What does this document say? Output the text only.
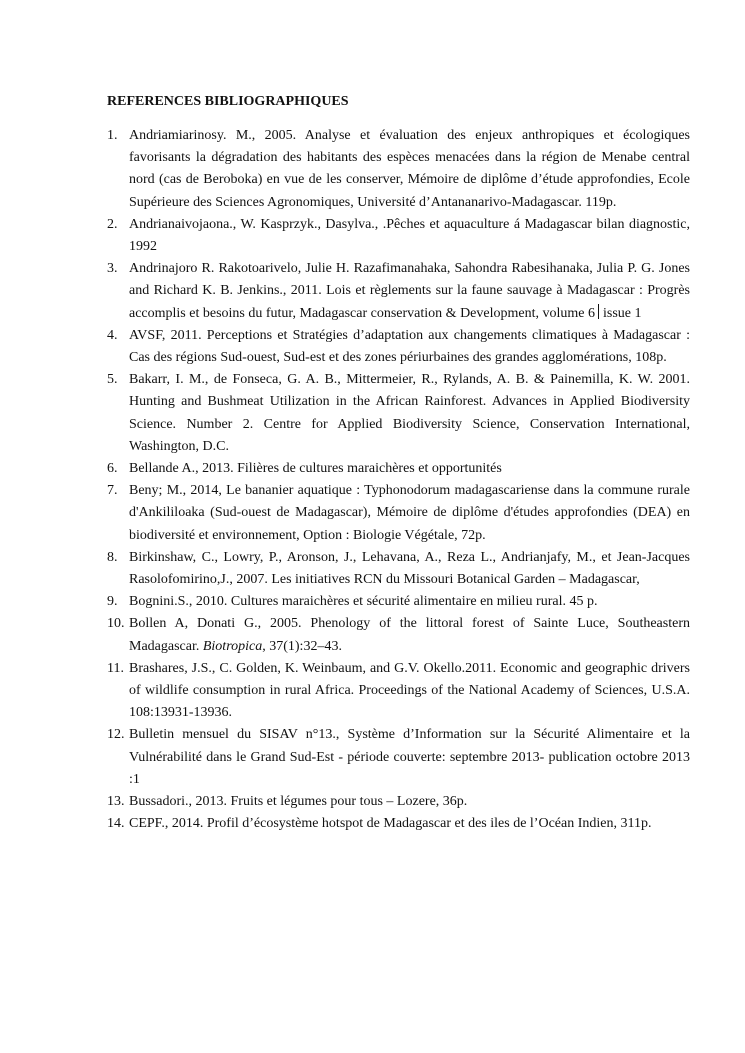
REFERENCES BIBLIOGRAPHIQUES
1. Andriamiarinosy. M., 2005. Analyse et évaluation des enjeux anthropiques et écologiques favorisants la dégradation des habitants des espèces menacées dans la région de Menabe central nord (cas de Beroboka) en vue de les conserver, Mémoire de diplôme d’étude approfondies, Ecole Supérieure des Sciences Agronomiques, Université d’Antananarivo-Madagascar. 119p.
2. Andrianaivojaona., W. Kasprzyk., Dasylva., .Pêches et aquaculture á Madagascar bilan diagnostic, 1992
3. Andrinajoro R. Rakotoarivelo, Julie H. Razafimanahaka, Sahondra Rabesihanaka, Julia P. G. Jones and Richard K. B. Jenkins., 2011. Lois et règlements sur la faune sauvage à Madagascar : Progrès accomplis et besoins du futur, Madagascar conservation & Development, volume 6 issue 1
4. AVSF, 2011. Perceptions et Stratégies d’adaptation aux changements climatiques à Madagascar : Cas des régions Sud-ouest, Sud-est et des zones périurbaines des grandes agglomérations, 108p.
5. Bakarr, I. M., de Fonseca, G. A. B., Mittermeier, R., Rylands, A. B. & Painemilla, K. W. 2001. Hunting and Bushmeat Utilization in the African Rainforest. Advances in Applied Biodiversity Science. Number 2. Centre for Applied Biodiversity Science, Conservation International, Washington, D.C.
6. Bellande A., 2013. Filières de cultures maraichères et opportunités
7. Beny; M., 2014, Le bananier aquatique : Typhonodorum madagascariense dans la commune rurale d'Ankililoaka (Sud-ouest de Madagascar), Mémoire de diplôme d'études approfondies (DEA) en biodiversité et environnement, Option : Biologie Végétale, 72p.
8. Birkinshaw, C., Lowry, P., Aronson, J., Lehavana, A., Reza L., Andrianjafy, M., et Jean-Jacques Rasolofomirino,J., 2007. Les initiatives RCN du Missouri Botanical Garden – Madagascar,
9. Bognini.S., 2010. Cultures maraichères et sécurité alimentaire en milieu rural. 45 p.
10. Bollen A, Donati G., 2005. Phenology of the littoral forest of Sainte Luce, Southeastern Madagascar. Biotropica, 37(1):32–43.
11. Brashares, J.S., C. Golden, K. Weinbaum, and G.V. Okello.2011. Economic and geographic drivers of wildlife consumption in rural Africa. Proceedings of the National Academy of Sciences, U.S.A. 108:13931-13936.
12. Bulletin mensuel du SISAV n°13., Système d’Information sur la Sécurité Alimentaire et la Vulnérabilité dans le Grand Sud-Est - période couverte: septembre 2013- publication octobre 2013 :1
13. Bussadori., 2013. Fruits et légumes pour tous – Lozere, 36p.
14. CEPF., 2014. Profil d’écosystème hotspot de Madagascar et des iles de l’Océan Indien, 311p.
